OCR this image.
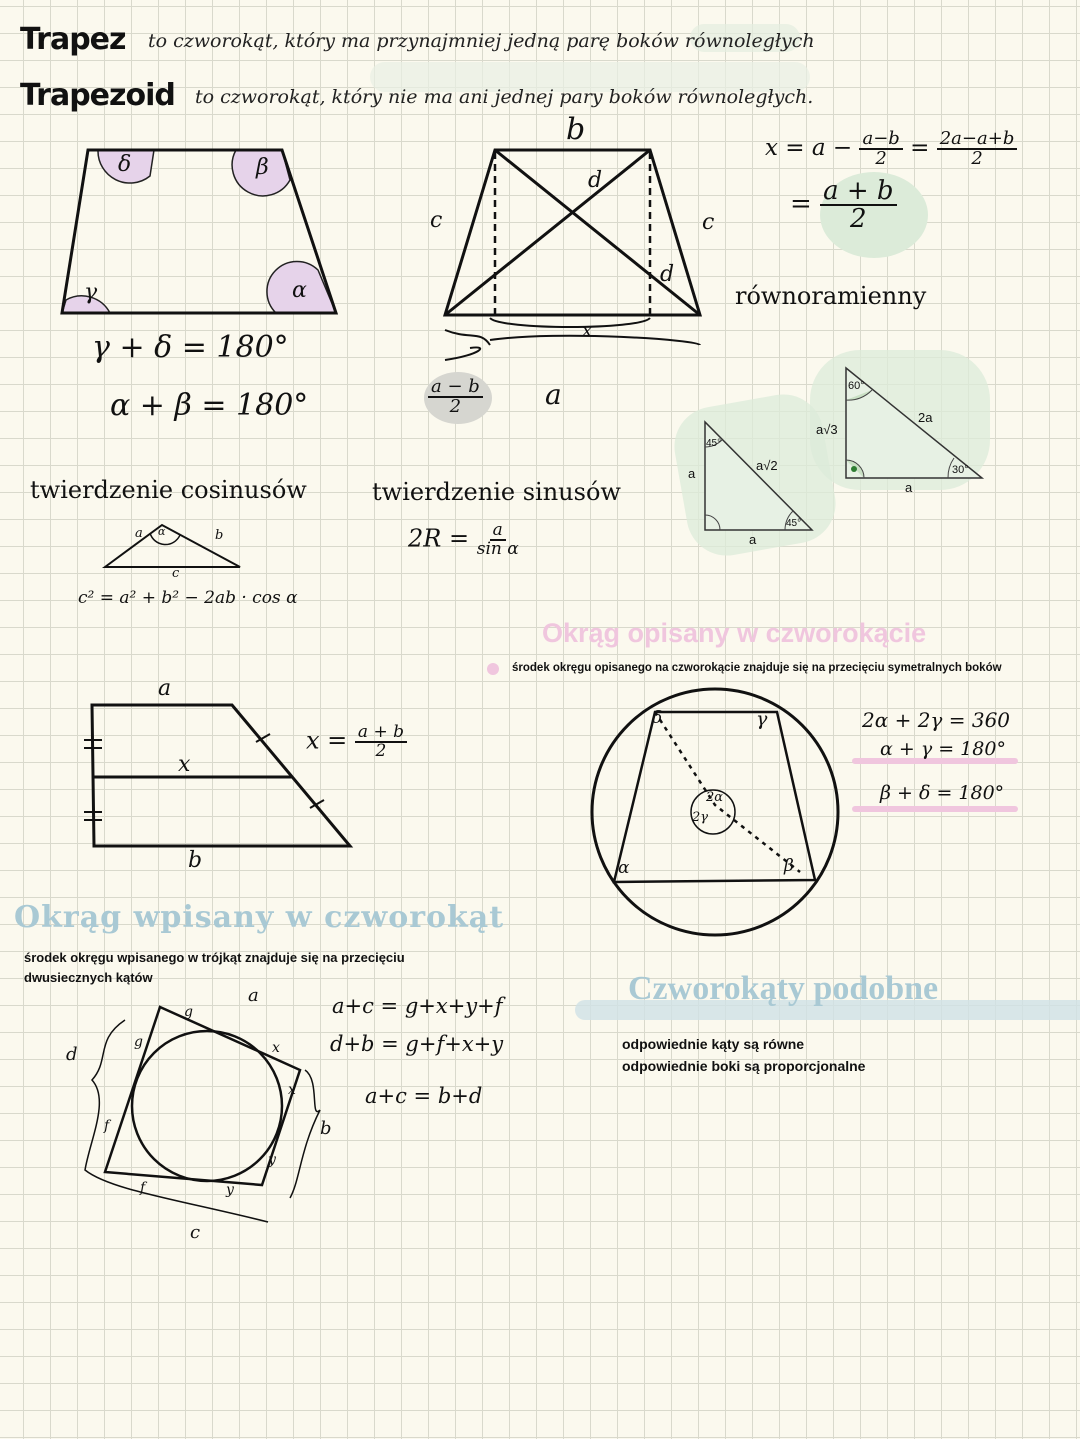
Trapez to czworokąt, który ma przynajmniej jedną parę boków równoległych
Trapezoid to czworokąt, który nie ma ani jednej pary boków równoległych.
δ	β
γ	α
γ + δ = 180°
α + β = 180°
b
c	c
d
d
x
$\frac{a - b}{2}$ a
$x = a - \frac{a-b}{2} = \frac{2a-a+b}{2}$
= $\frac{a + b}{2}$
równoramienny
45°
45°
a
a
a√2
60°
30°
a√3
a
2a
twierdzenie cosinusów
a	b
c
α
c² = a² + b² − 2ab · cos α
twierdzenie sinusów
$2R = \frac{a}{\text{sin α}}$
a
x
b
$x = \frac{a + b}{2}$
Okrąg opisany w czworokącie
środek okręgu opisanego na czworokącie znajduje się na przecięciu symetralnych boków
δ	γ
α	β
2α
2γ
2α + 2γ = 360
α + γ = 180°
β + δ = 180°
Okrąg wpisany w czworokąt
środek okręgu wpisanego w trójkąt znajduje się na przecięciu
dwusiecznych kątów
a
b
c
d
g
g	x
x
y
y
f
f
a+c = g+x+y+f
d+b = g+f+x+y
a+c = b+d
Czworokąty podobne
odpowiednie kąty są równe
odpowiednie boki są proporcjonalne
